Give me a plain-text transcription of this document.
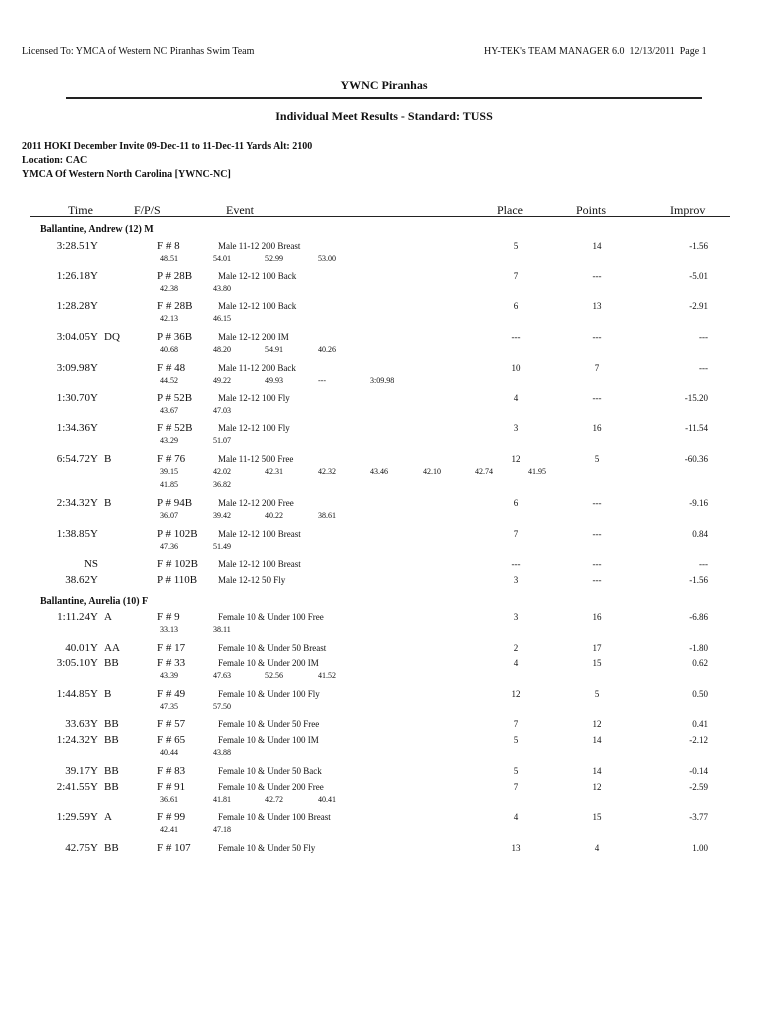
Licensed To: YMCA of Western NC Piranhas Swim Team	HY-TEK's TEAM MANAGER 6.0 12/13/2011 Page 1
YWNC Piranhas
Individual Meet Results - Standard: TUSS
2011 HOKI December Invite 09-Dec-11 to 11-Dec-11 Yards Alt: 2100
Location: CAC
YMCA Of Western North Carolina [YWNC-NC]
Time	F/P/S	Event	Place	Points	Improv
Ballantine, Andrew (12) M
3:28.51Y	F # 8	Male 11-12 200 Breast	5	14	-1.56
48.51	54.01	52.99	53.00
1:26.18Y	P # 28B	Male 12-12 100 Back	7	---	-5.01
42.38	43.80
1:28.28Y	F # 28B	Male 12-12 100 Back	6	13	-2.91
42.13	46.15
3:04.05Y DQ	P # 36B	Male 12-12 200 IM	---	---	---
40.68	48.20	54.91	40.26
3:09.98Y	F # 48	Male 11-12 200 Back	10	7	---
44.52	49.22	49.93	---	3:09.98
1:30.70Y	P # 52B	Male 12-12 100 Fly	4	---	-15.20
43.67	47.03
1:34.36Y	F # 52B	Male 12-12 100 Fly	3	16	-11.54
43.29	51.07
6:54.72Y B	F # 76	Male 11-12 500 Free	12	5	-60.36
39.15	42.02	42.31	42.32	43.46	42.10	42.74	41.95
41.85	36.82
2:34.32Y B	P # 94B	Male 12-12 200 Free	6	---	-9.16
36.07	39.42	40.22	38.61
1:38.85Y	P # 102B Male 12-12 100 Breast	7	---	0.84
47.36	51.49
NS	F # 102B Male 12-12 100 Breast	---	---	---
38.62Y	P # 110B Male 12-12 50 Fly	3	---	-1.56
Ballantine, Aurelia (10) F
1:11.24Y A	F # 9	Female 10 & Under 100 Free	3	16	-6.86
33.13	38.11
40.01Y AA	F # 17	Female 10 & Under 50 Breast	2	17	-1.80
3:05.10Y BB	F # 33	Female 10 & Under 200 IM	4	15	0.62
43.39	47.63	52.56	41.52
1:44.85Y B	F # 49	Female 10 & Under 100 Fly	12	5	0.50
47.35	57.50
33.63Y BB	F # 57	Female 10 & Under 50 Free	7	12	0.41
1:24.32Y BB	F # 65	Female 10 & Under 100 IM	5	14	-2.12
40.44	43.88
39.17Y BB	F # 83	Female 10 & Under 50 Back	5	14	-0.14
2:41.55Y BB	F # 91	Female 10 & Under 200 Free	7	12	-2.59
36.61	41.81	42.72	40.41
1:29.59Y A	F # 99	Female 10 & Under 100 Breast	4	15	-3.77
42.41	47.18
42.75Y BB	F # 107	Female 10 & Under 50 Fly	13	4	1.00
